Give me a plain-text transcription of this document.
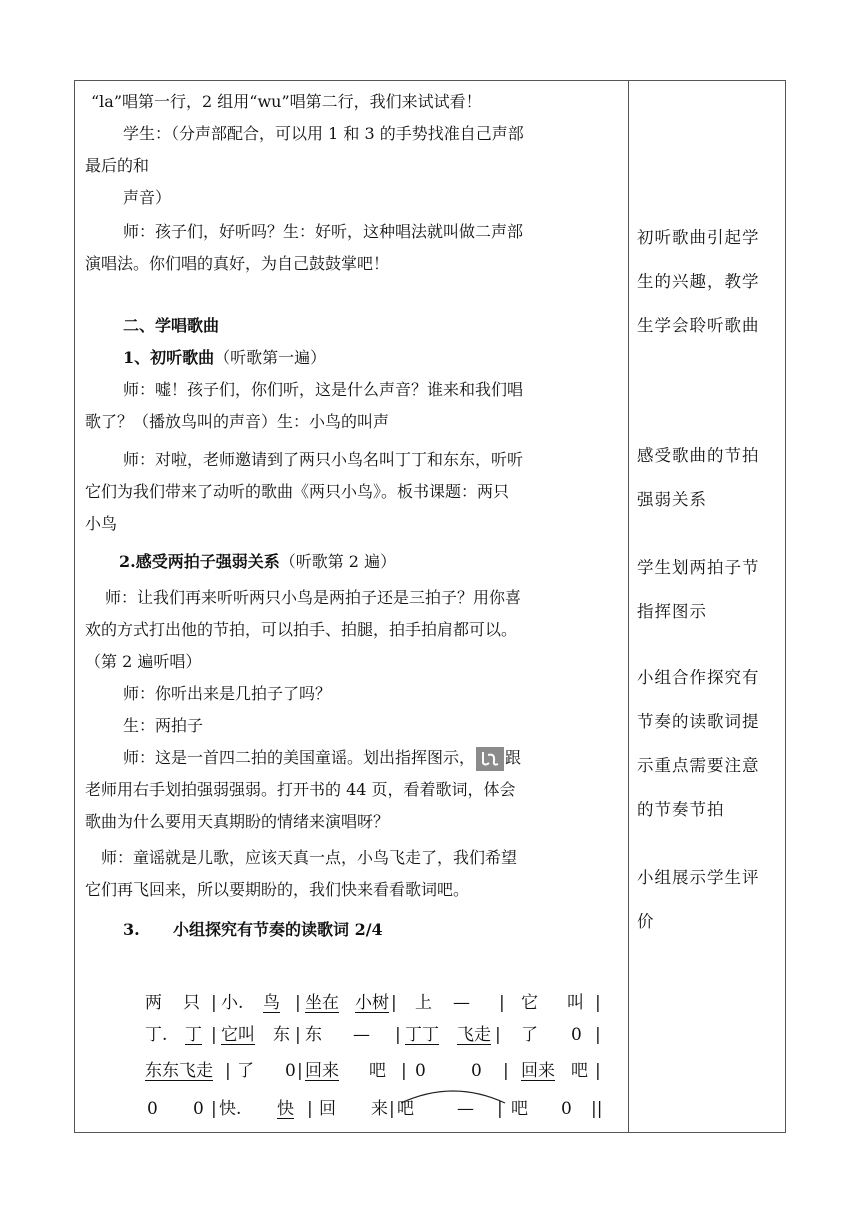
“la”唱第一行，2 组用“wu”唱第二行，我们来试试看！
学生：（分声部配合，可以用 1 和 3 的手势找准自己声部
最后的和
声音）
师：孩子们，好听吗？生：好听，这种唱法就叫做二声部
演唱法。你们唱的真好，为自己鼓鼓掌吧！
二、学唱歌曲
1、初听歌曲（听歌第一遍）
师：嘘！孩子们，你们听，这是什么声音？谁来和我们唱
歌了？（播放鸟叫的声音）生：小鸟的叫声
师：对啦，老师邀请到了两只小鸟名叫丁丁和东东，听听
它们为我们带来了动听的歌曲《两只小鸟》。板书课题：两只
小鸟
2.感受两拍子强弱关系（听歌第 2 遍）
师：让我们再来听听两只小鸟是两拍子还是三拍子？用你喜
欢的方式打出他的节拍，可以拍手、拍腿，拍手拍肩都可以。
（第 2 遍听唱）
师：你听出来是几拍子了吗？
生：两拍子
师：这是一首四二拍的美国童谣。划出指挥图示， 跟
老师用右手划拍强弱强弱。打开书的 44 页，看着歌词，体会
歌曲为什么要用天真期盼的情绪来演唱呀？
师：童谣就是儿歌，应该天真一点，小鸟飞走了，我们希望
它们再飞回来，所以要期盼的，我们快来看看歌词吧。
3. 小组探究有节奏的读歌词 2/4
两 只 | 小. 鸟 | 坐在 小树 | 上 — | 它 叫 |
丁. 丁 | 它叫 东 | 东 — | 丁丁 飞走 | 了 0 |
东东飞走 | 了 0 | 回来 吧 | 0	0 | 回来 吧 |
0 0 | 快. 快 | 回 来 | 吧	— | 吧 0 ||
初听歌曲引起学
生的兴趣，教学
生学会聆听歌曲
感受歌曲的节拍
强弱关系
学生划两拍子节
指挥图示
小组合作探究有
节奏的读歌词提
示重点需要注意
的节奏节拍
小组展示学生评
价
